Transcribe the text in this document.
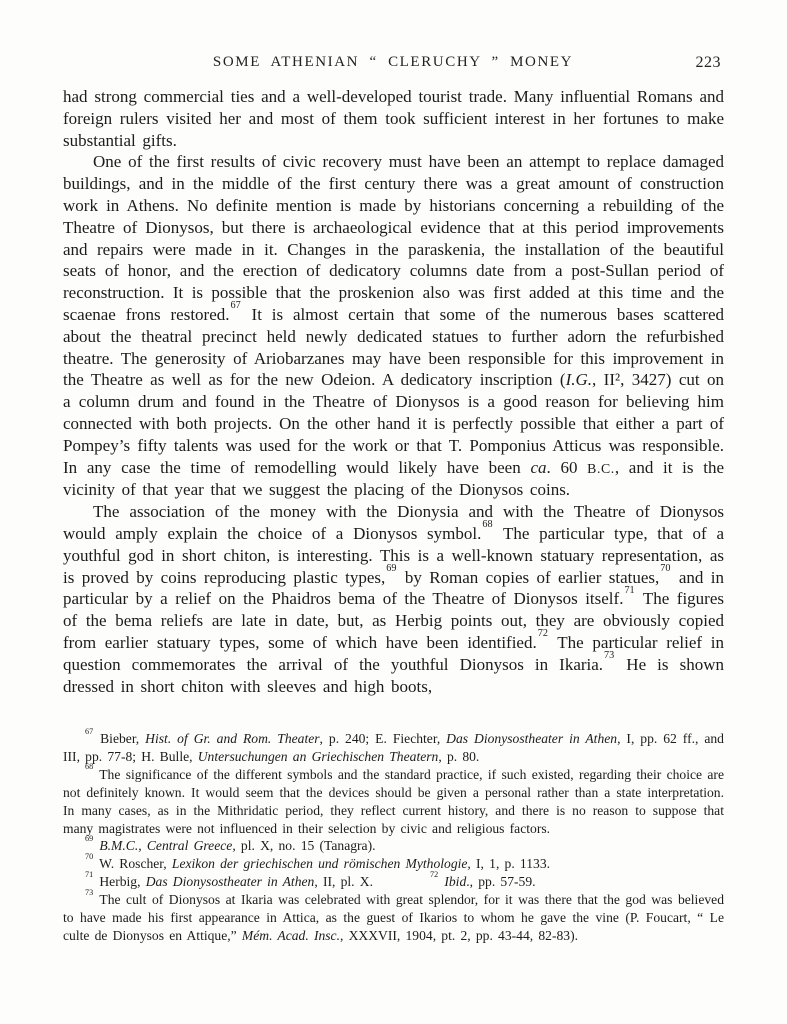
SOME ATHENIAN “ CLERUCHY ” MONEY	223

had strong commercial ties and a well-developed tourist trade. Many influential Romans and foreign rulers visited her and most of them took sufficient interest in her fortunes to make substantial gifts.

One of the first results of civic recovery must have been an attempt to replace damaged buildings, and in the middle of the first century there was a great amount of construction work in Athens. No definite mention is made by historians concerning a rebuilding of the Theatre of Dionysos, but there is archaeological evidence that at this period improvements and repairs were made in it. Changes in the paraskenia, the installation of the beautiful seats of honor, and the erection of dedicatory columns date from a post-Sullan period of reconstruction. It is possible that the proskenion also was first added at this time and the scaenae frons restored.$^{67}$ It is almost certain that some of the numerous bases scattered about the theatral precinct held newly dedicated statues to further adorn the refurbished theatre. The generosity of Ariobarzanes may have been responsible for this improvement in the Theatre as well as for the new Odeion. A dedicatory inscription (I.G., II², 3427) cut on a column drum and found in the Theatre of Dionysos is a good reason for believing him connected with both projects. On the other hand it is perfectly possible that either a part of Pompey’s fifty talents was used for the work or that T. Pomponius Atticus was responsible. In any case the time of remodelling would likely have been ca. 60 B.C., and it is the vicinity of that year that we suggest the placing of the Dionysos coins.

The association of the money with the Dionysia and with the Theatre of Dionysos would amply explain the choice of a Dionysos symbol.$^{68}$ The particular type, that of a youthful god in short chiton, is interesting. This is a well-known statuary representation, as is proved by coins reproducing plastic types,$^{69}$ by Roman copies of earlier statues,$^{70}$ and in particular by a relief on the Phaidros bema of the Theatre of Dionysos itself.$^{71}$ The figures of the bema reliefs are late in date, but, as Herbig points out, they are obviously copied from earlier statuary types, some of which have been identified.$^{72}$ The particular relief in question commemorates the arrival of the youthful Dionysos in Ikaria.$^{73}$ He is shown dressed in short chiton with sleeves and high boots,

$^{67}$ Bieber, Hist. of Gr. and Rom. Theater, p. 240; E. Fiechter, Das Dionysostheater in Athen, I, pp. 62 ff., and III, pp. 77-8; H. Bulle, Untersuchungen an Griechischen Theatern, p. 80.

$^{68}$ The significance of the different symbols and the standard practice, if such existed, regarding their choice are not definitely known. It would seem that the devices should be given a personal rather than a state interpretation. In many cases, as in the Mithridatic period, they reflect current history, and there is no reason to suppose that many magistrates were not influenced in their selection by civic and religious factors.

$^{69}$ B.M.C., Central Greece, pl. X, no. 15 (Tanagra).

$^{70}$ W. Roscher, Lexikon der griechischen und römischen Mythologie, I, 1, p. 1133.

$^{71}$ Herbig, Das Dionysostheater in Athen, II, pl. X.	$^{72}$ Ibid., pp. 57-59.

$^{73}$ The cult of Dionysos at Ikaria was celebrated with great splendor, for it was there that the god was believed to have made his first appearance in Attica, as the guest of Ikarios to whom he gave the vine (P. Foucart, “ Le culte de Dionysos en Attique,” Mém. Acad. Insc., XXXVII, 1904, pt. 2, pp. 43-44, 82-83).
